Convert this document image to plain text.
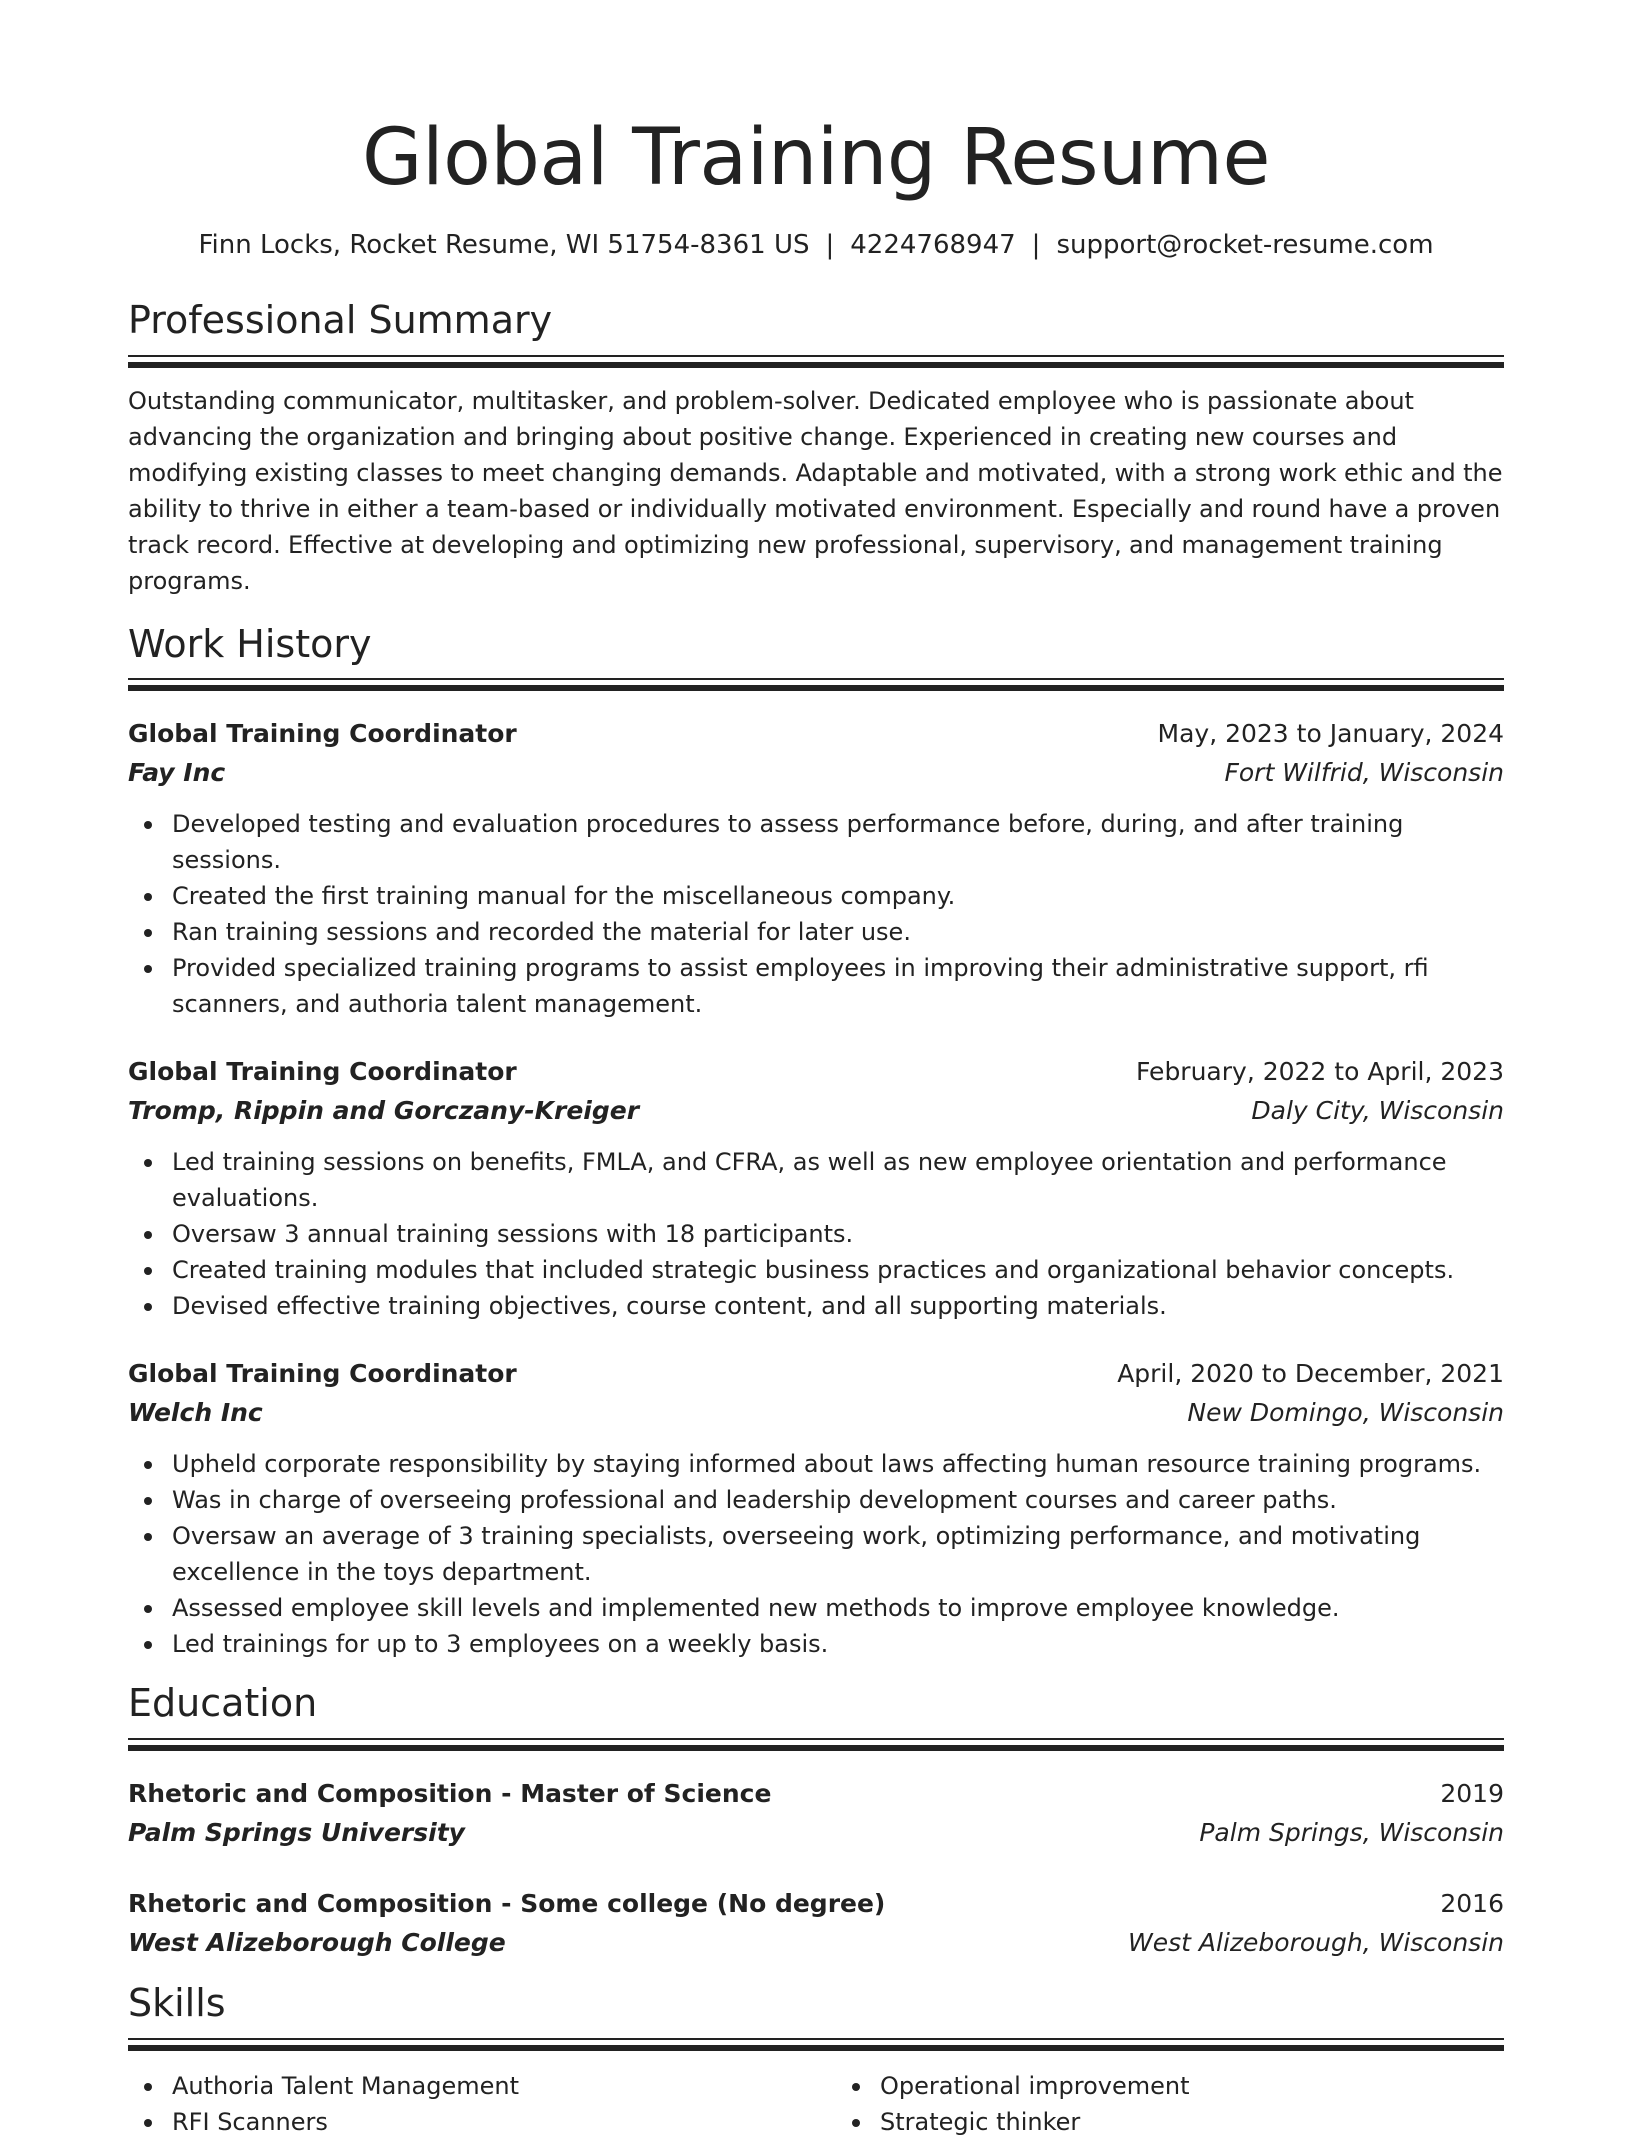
Global Training Resume
Finn Locks, Rocket Resume, WI 51754-8361 US | 4224768947 | support@rocket-resume.com
Professional Summary

Outstanding communicator, multitasker, and problem-solver. Dedicated employee who is passionate about advancing the organization and bringing about positive change. Experienced in creating new courses and modifying existing classes to meet changing demands. Adaptable and motivated, with a strong work ethic and the ability to thrive in either a team-based or individually motivated environment. Especially and round have a proven track record. Effective at developing and optimizing new professional, supervisory, and management training programs.

Work History
Global Training Coordinator	May, 2023 to January, 2024
Fay Inc	Fort Wilfrid, Wisconsin
Developed testing and evaluation procedures to assess performance before, during, and after training sessions.
Created the first training manual for the miscellaneous company.
Ran training sessions and recorded the material for later use.
Provided specialized training programs to assist employees in improving their administrative support, rfi scanners, and authoria talent management.
Global Training Coordinator	February, 2022 to April, 2023
Tromp, Rippin and Gorczany-Kreiger	Daly City, Wisconsin
Led training sessions on benefits, FMLA, and CFRA, as well as new employee orientation and performance evaluations.
Oversaw 3 annual training sessions with 18 participants.
Created training modules that included strategic business practices and organizational behavior concepts.
Devised effective training objectives, course content, and all supporting materials.
Global Training Coordinator	April, 2020 to December, 2021
Welch Inc	New Domingo, Wisconsin
Upheld corporate responsibility by staying informed about laws affecting human resource training programs.
Was in charge of overseeing professional and leadership development courses and career paths.
Oversaw an average of 3 training specialists, overseeing work, optimizing performance, and motivating excellence in the toys department.
Assessed employee skill levels and implemented new methods to improve employee knowledge.
Led trainings for up to 3 employees on a weekly basis.
Education
Rhetoric and Composition - Master of Science	2019
Palm Springs University	Palm Springs, Wisconsin
Rhetoric and Composition - Some college (No degree)	2016
West Alizeborough College	West Alizeborough, Wisconsin
Skills
Authoria Talent Management
RFI Scanners
Operational improvement
Strategic thinker
